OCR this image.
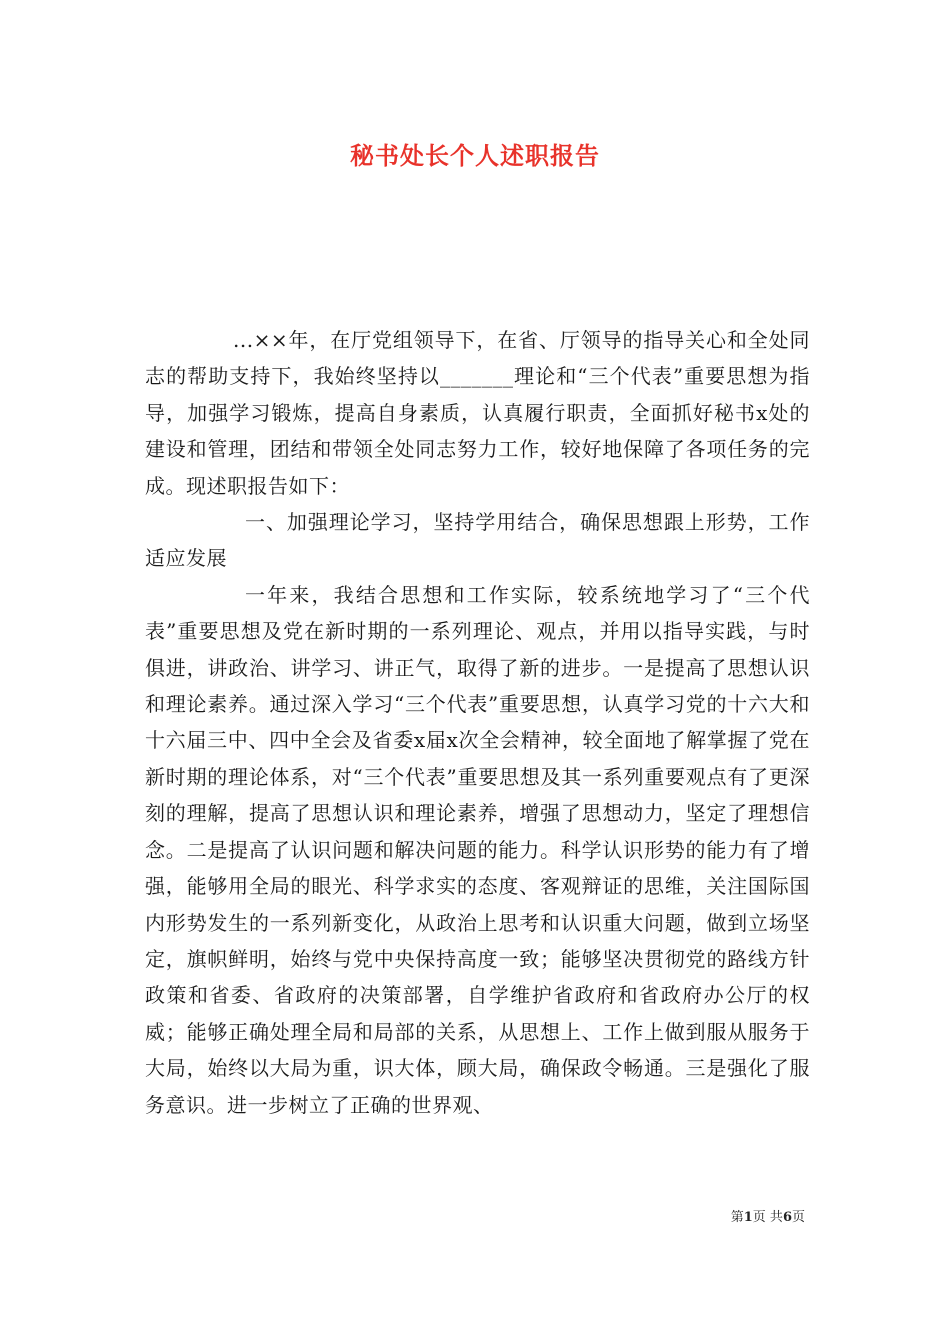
秘书处长个人述职报告

...××年，在厅党组领导下，在省、厅领导的指导关心和全处同志的帮助支持下，我始终坚持以_______理论和“三个代表”重要思想为指导，加强学习锻炼，提高自身素质，认真履行职责，全面抓好秘书x处的建设和管理，团结和带领全处同志努力工作，较好地保障了各项任务的完成。现述职报告如下：

一、加强理论学习，坚持学用结合，确保思想跟上形势，工作适应发展

一年来，我结合思想和工作实际，较系统地学习了“三个代表”重要思想及党在新时期的一系列理论、观点，并用以指导实践，与时俱进，讲政治、讲学习、讲正气，取得了新的进步。一是提高了思想认识和理论素养。通过深入学习“三个代表”重要思想，认真学习党的十六大和十六届三中、四中全会及省委x届x次全会精神，较全面地了解掌握了党在新时期的理论体系，对“三个代表”重要思想及其一系列重要观点有了更深刻的理解，提高了思想认识和理论素养，增强了思想动力，坚定了理想信念。二是提高了认识问题和解决问题的能力。科学认识形势的能力有了增强，能够用全局的眼光、科学求实的态度、客观辩证的思维，关注国际国内形势发生的一系列新变化，从政治上思考和认识重大问题，做到立场坚定，旗帜鲜明，始终与党中央保持高度一致；能够坚决贯彻党的路线方针政策和省委、省政府的决策部署，自学维护省政府和省政府办公厅的权威；能够正确处理全局和局部的关系，从思想上、工作上做到服从服务于大局，始终以大局为重，识大体，顾大局，确保政令畅通。三是强化了服务意识。进一步树立了正确的世界观、

第1页 共6页
